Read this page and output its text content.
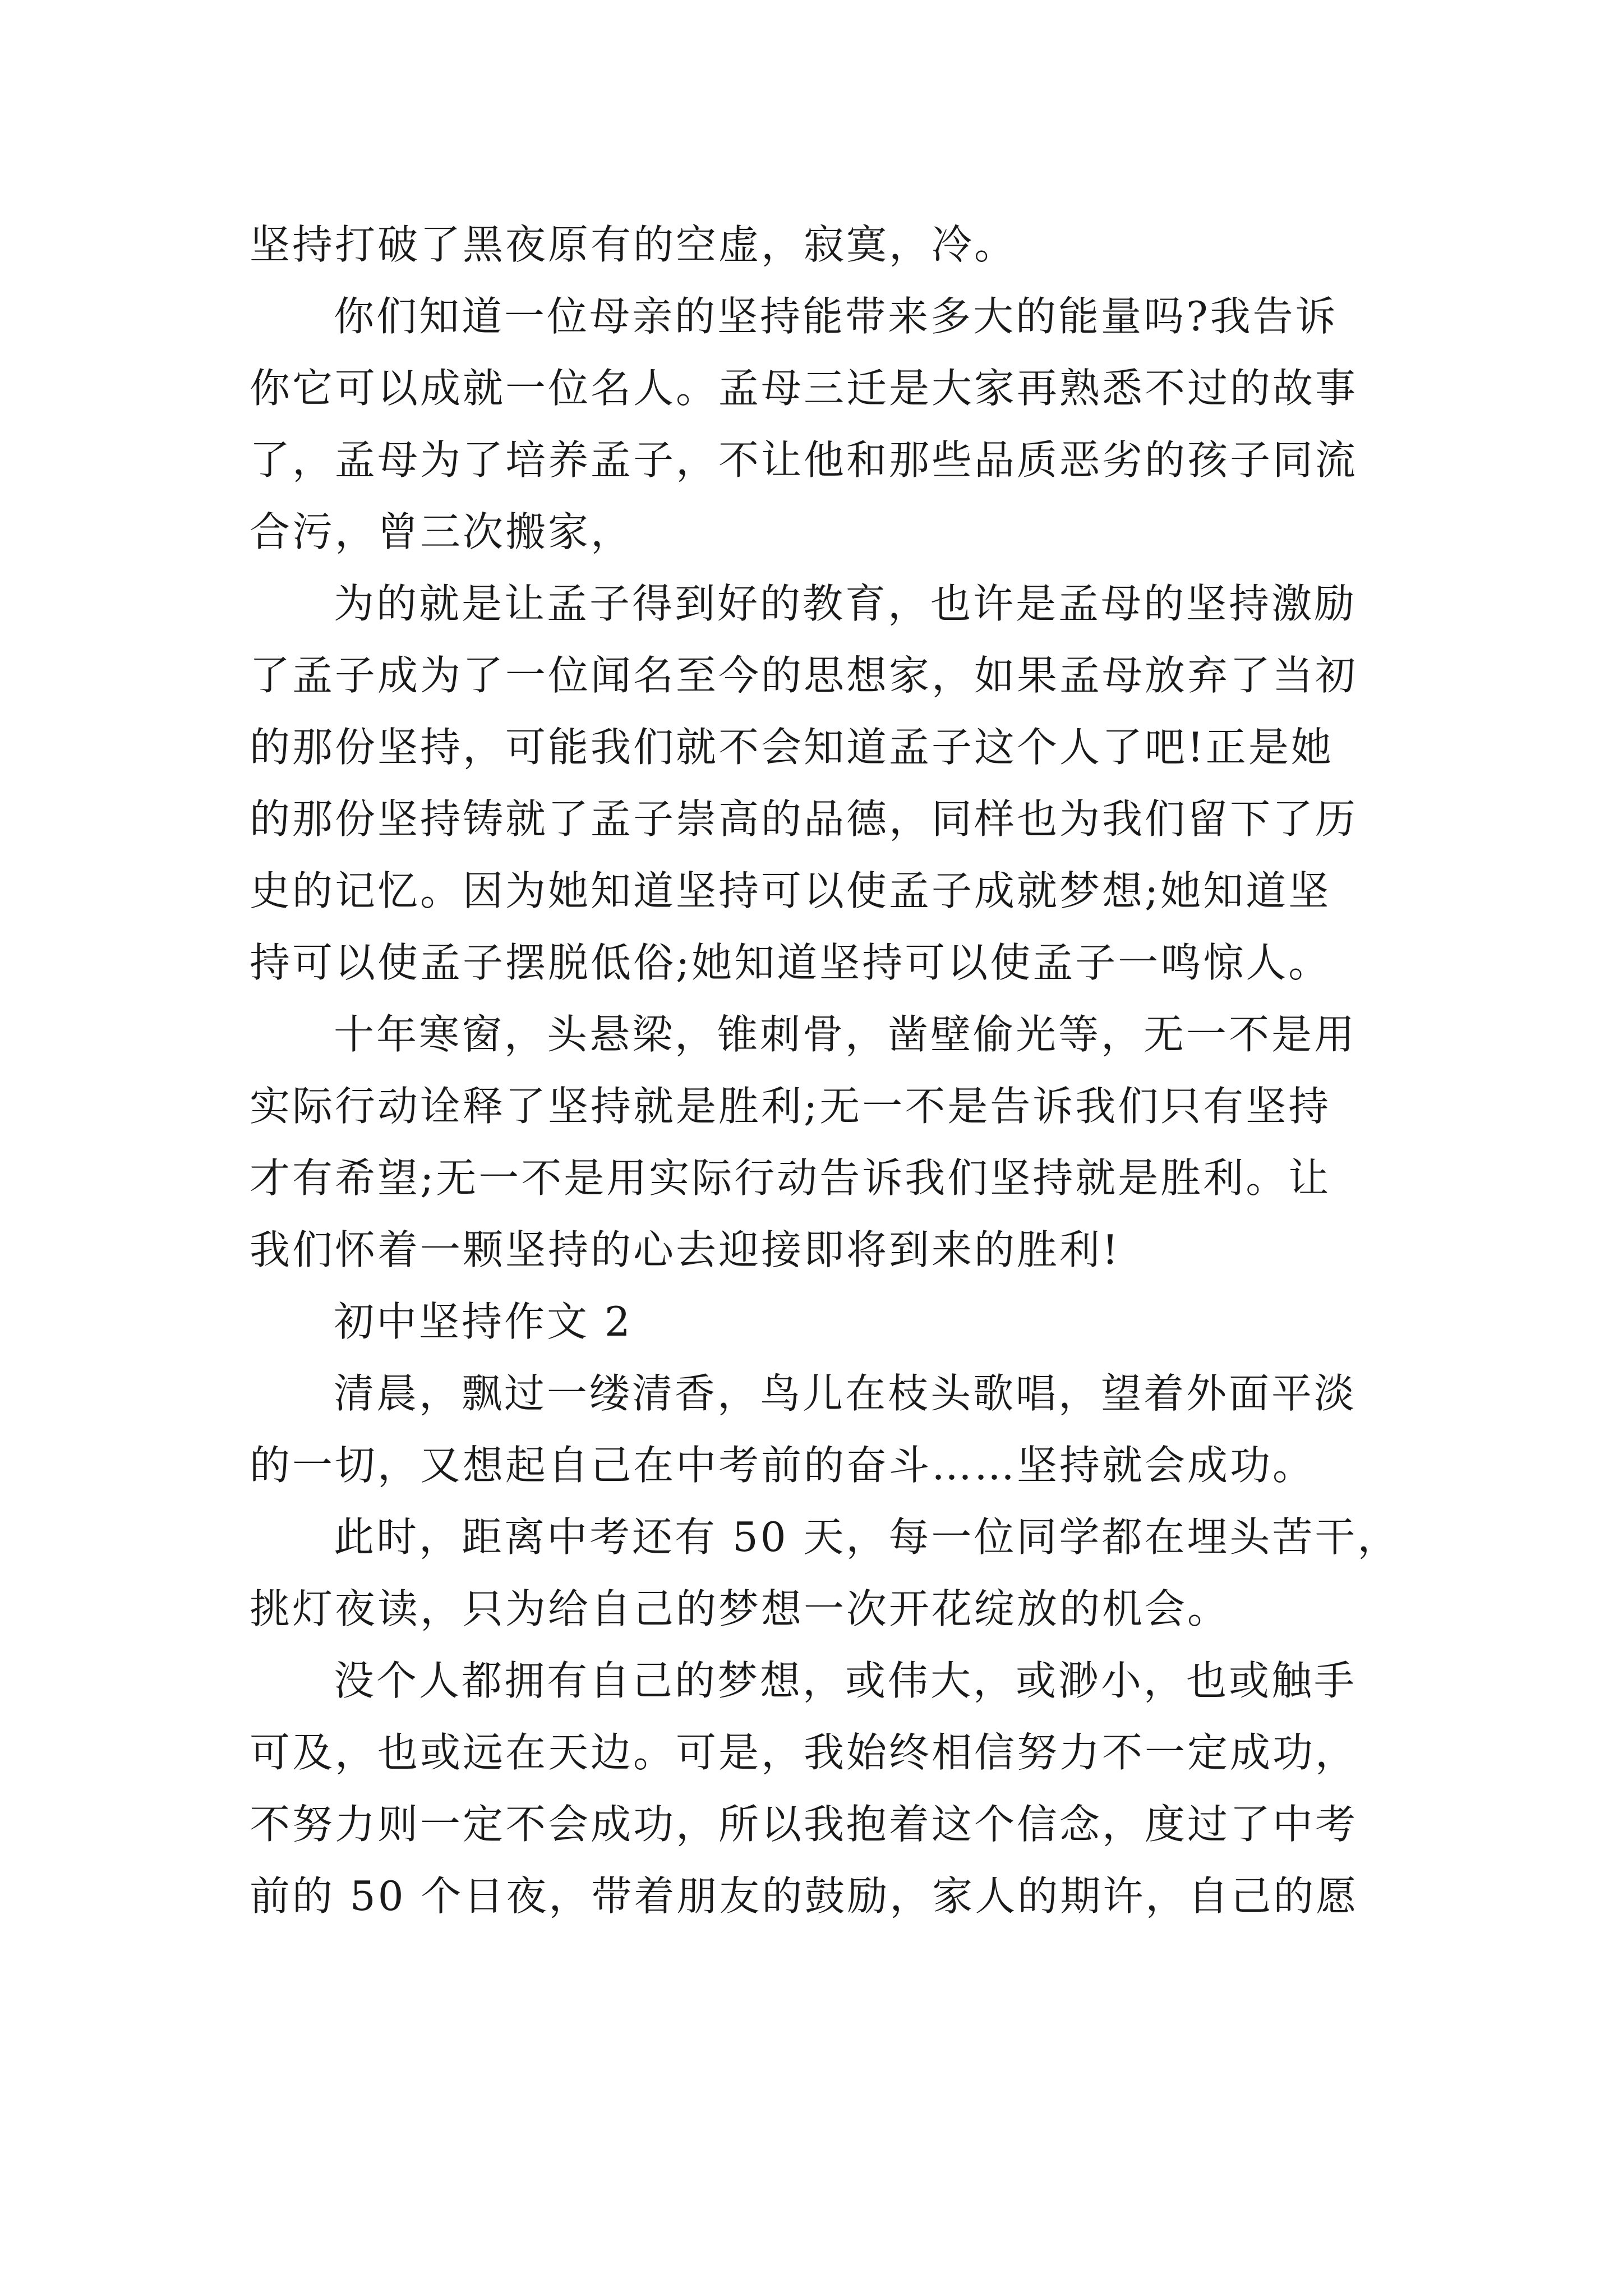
坚持打破了黑夜原有的空虚，寂寞，冷。
你们知道一位母亲的坚持能带来多大的能量吗?我告诉
你它可以成就一位名人。孟母三迁是大家再熟悉不过的故事
了，孟母为了培养孟子，不让他和那些品质恶劣的孩子同流
合污，曾三次搬家，
为的就是让孟子得到好的教育，也许是孟母的坚持激励
了孟子成为了一位闻名至今的思想家，如果孟母放弃了当初
的那份坚持，可能我们就不会知道孟子这个人了吧!正是她
的那份坚持铸就了孟子崇高的品德，同样也为我们留下了历
史的记忆。因为她知道坚持可以使孟子成就梦想;她知道坚
持可以使孟子摆脱低俗;她知道坚持可以使孟子一鸣惊人。
十年寒窗，头悬梁，锥刺骨，凿壁偷光等，无一不是用
实际行动诠释了坚持就是胜利;无一不是告诉我们只有坚持
才有希望;无一不是用实际行动告诉我们坚持就是胜利。让
我们怀着一颗坚持的心去迎接即将到来的胜利!
初中坚持作文 2
清晨，飘过一缕清香，鸟儿在枝头歌唱，望着外面平淡
的一切，又想起自己在中考前的奋斗……坚持就会成功。
此时，距离中考还有 50 天，每一位同学都在埋头苦干，
挑灯夜读，只为给自己的梦想一次开花绽放的机会。
没个人都拥有自己的梦想，或伟大，或渺小，也或触手
可及，也或远在天边。可是，我始终相信努力不一定成功，
不努力则一定不会成功，所以我抱着这个信念，度过了中考
前的 50 个日夜，带着朋友的鼓励，家人的期许，自己的愿
